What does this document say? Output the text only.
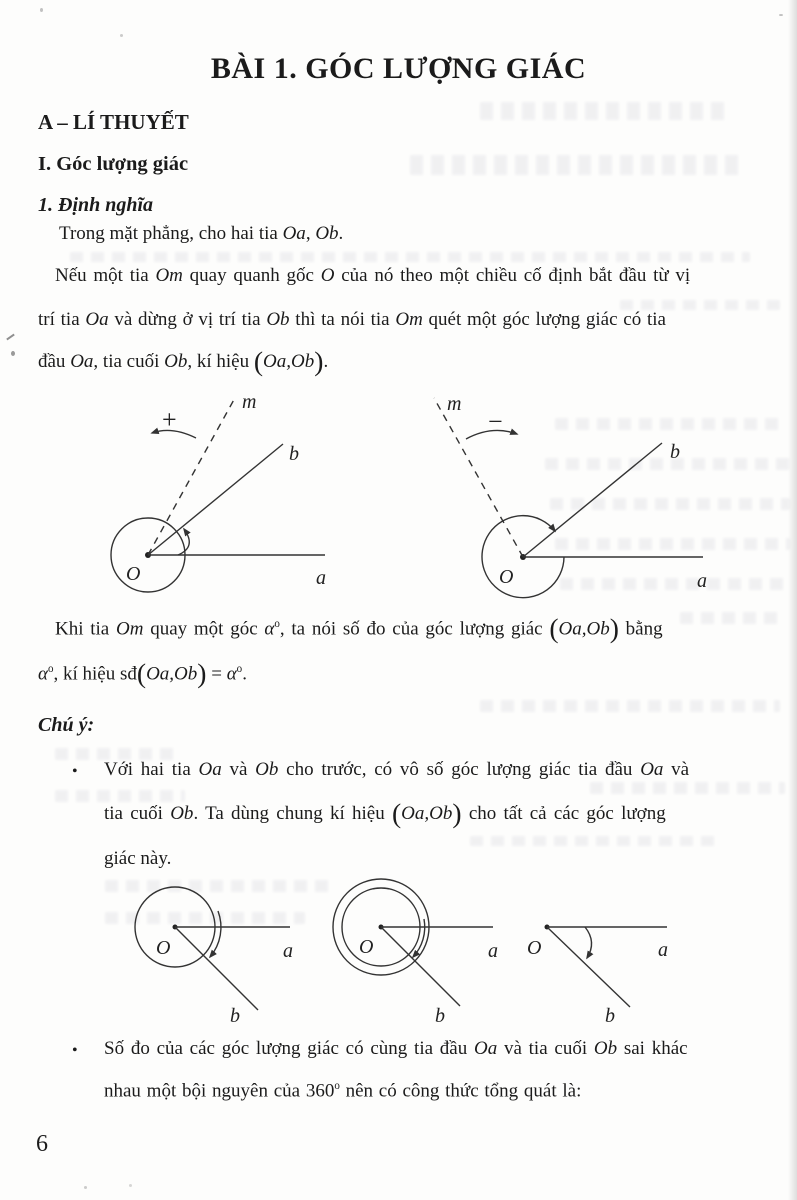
BÀI 1. GÓC LƯỢNG GIÁC
A – LÍ THUYẾT
I. Góc lượng giác
1. Định nghĩa
Trong mặt phẳng, cho hai tia Oa, Ob.
Nếu một tia Om quay quanh gốc O của nó theo một chiều cố định bắt đầu từ vị
trí tia Oa và dừng ở vị trí tia Ob thì ta nói tia Om quét một góc lượng giác có tia
đầu Oa, tia cuối Ob, kí hiệu (Oa,Ob).
+
m
b
a
O
−
m
b
a
O
Khi tia Om quay một góc $\alpha^o$, ta nói số đo của góc lượng giác (Oa,Ob) bằng
$\alpha^o$, kí hiệu sđ(Oa,Ob) = $\alpha^o$.
Chú ý:
• Với hai tia Oa và Ob cho trước, có vô số góc lượng giác tia đầu Oa và
tia cuối Ob. Ta dùng chung kí hiệu (Oa,Ob) cho tất cả các góc lượng
giác này.
O	a
b
O	a
b
O	a
b
• Số đo của các góc lượng giác có cùng tia đầu Oa và tia cuối Ob sai khác
nhau một bội nguyên của 360$^o$ nên có công thức tổng quát là:
6
